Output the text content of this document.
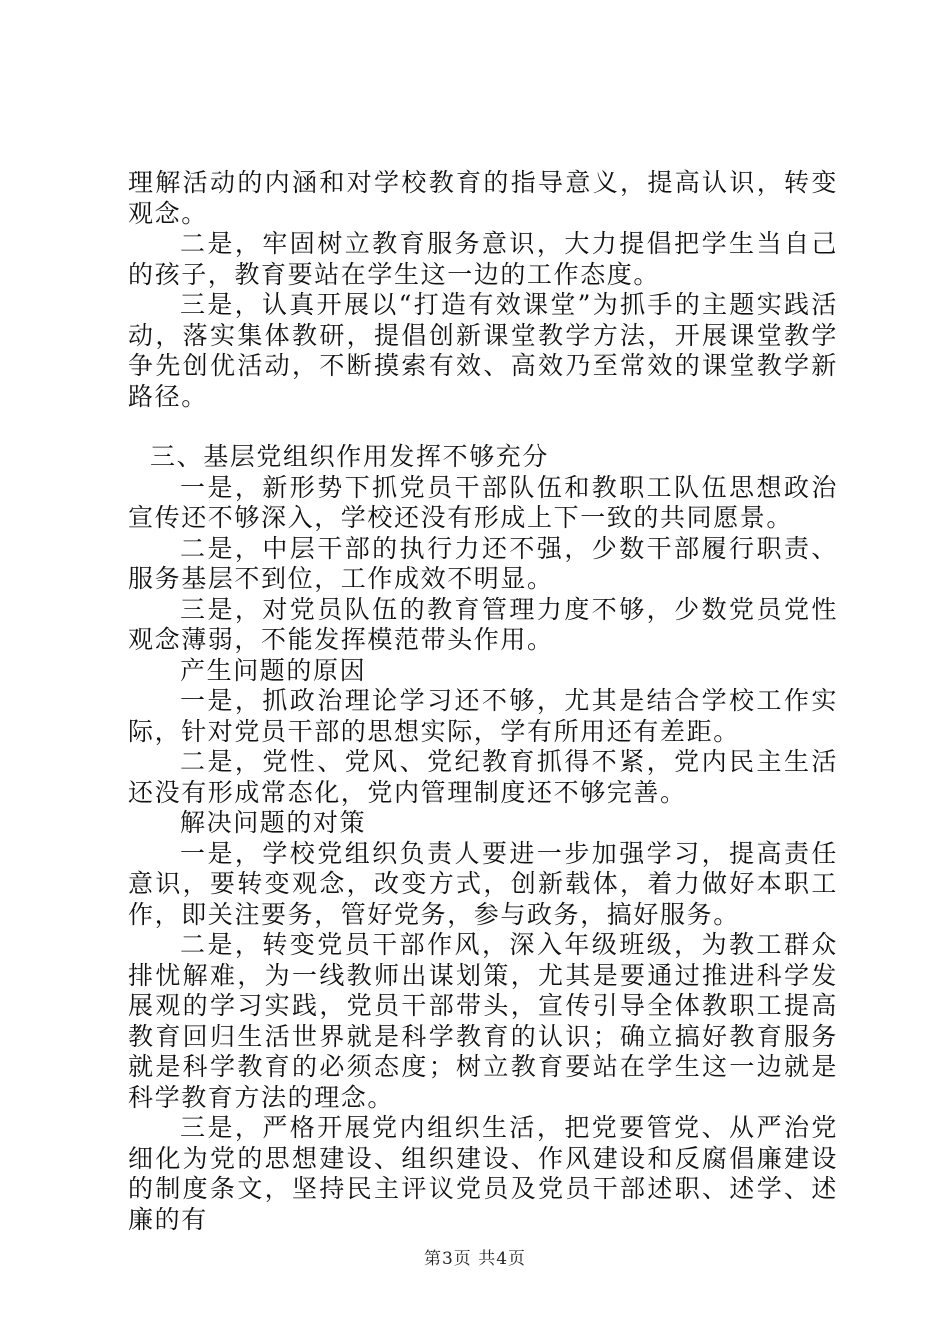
理解活动的内涵和对学校教育的指导意义，提高认识，转变观念。

二是，牢固树立教育服务意识，大力提倡把学生当自己的孩子，教育要站在学生这一边的工作态度。

三是，认真开展以“打造有效课堂”为抓手的主题实践活动，落实集体教研，提倡创新课堂教学方法，开展课堂教学争先创优活动，不断摸索有效、高效乃至常效的课堂教学新路径。

三、基层党组织作用发挥不够充分

一是，新形势下抓党员干部队伍和教职工队伍思想政治宣传还不够深入，学校还没有形成上下一致的共同愿景。

二是，中层干部的执行力还不强，少数干部履行职责、服务基层不到位，工作成效不明显。

三是，对党员队伍的教育管理力度不够，少数党员党性观念薄弱，不能发挥模范带头作用。

产生问题的原因

一是，抓政治理论学习还不够，尤其是结合学校工作实际，针对党员干部的思想实际，学有所用还有差距。

二是，党性、党风、党纪教育抓得不紧，党内民主生活还没有形成常态化，党内管理制度还不够完善。

解决问题的对策

一是，学校党组织负责人要进一步加强学习，提高责任意识，要转变观念，改变方式，创新载体，着力做好本职工作，即关注要务，管好党务，参与政务，搞好服务。

二是，转变党员干部作风，深入年级班级，为教工群众排忧解难，为一线教师出谋划策，尤其是要通过推进科学发展观的学习实践，党员干部带头，宣传引导全体教职工提高教育回归生活世界就是科学教育的认识；确立搞好教育服务就是科学教育的必须态度；树立教育要站在学生这一边就是科学教育方法的理念。

三是，严格开展党内组织生活，把党要管党、从严治党细化为党的思想建设、组织建设、作风建设和反腐倡廉建设的制度条文，坚持民主评议党员及党员干部述职、述学、述廉的有

第3页 共4页
